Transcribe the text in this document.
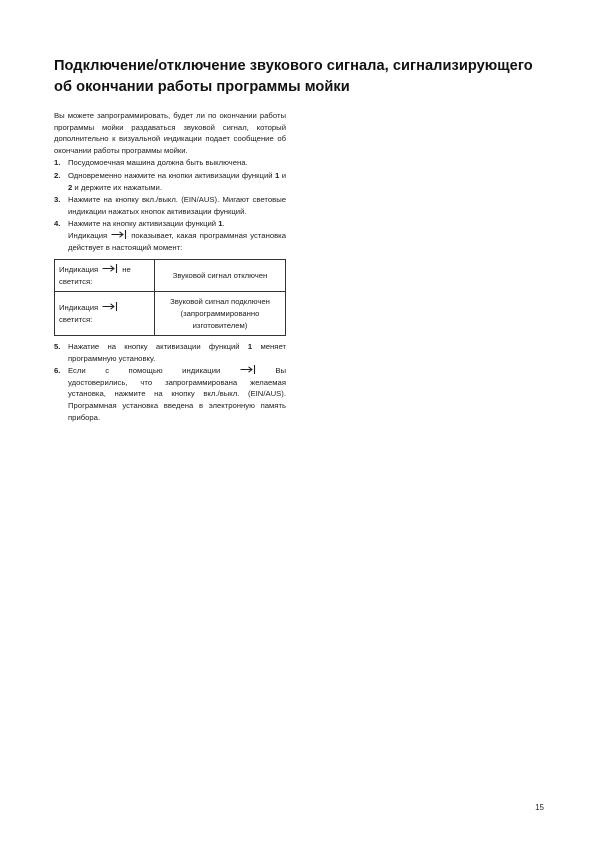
Подключение/отключение звукового сигнала, сигнализирующего об окончании работы программы мойки

Вы можете запрограммировать, будет ли по окончании работы программы мойки раздаваться звуковой сигнал, который дополнительно к визуальной индикации подает сообщение об окончании работы программы мойки.

1. Посудомоечная машина должна быть выключена.
2. Одновременно нажмите на кнопки активизации функций 1 и 2 и держите их нажатыми.
3. Нажмите на кнопку вкл./выкл. (EIN/AUS). Мигают световые индикации нажатых кнопок активизации функций.
4. Нажмите на кнопку активизации функций 1.
Индикация	показывает, какая программная установка действует в настоящий момент:
Индикация не
светится:	Звуковой сигнал отключен
Индикация

светится:	Звуковой сигнал подключен (запрограммированно изготовителем)
5. Нажатие на кнопку активизации функций 1 меняет программную установку.
6. Если	с	помощью	индикации	Вы
удостоверились, что запрограммирована желаемая установка, нажмите на кнопку вкл./выкл. (EIN/AUS). Программная установка введена в электронную память прибора.
15
